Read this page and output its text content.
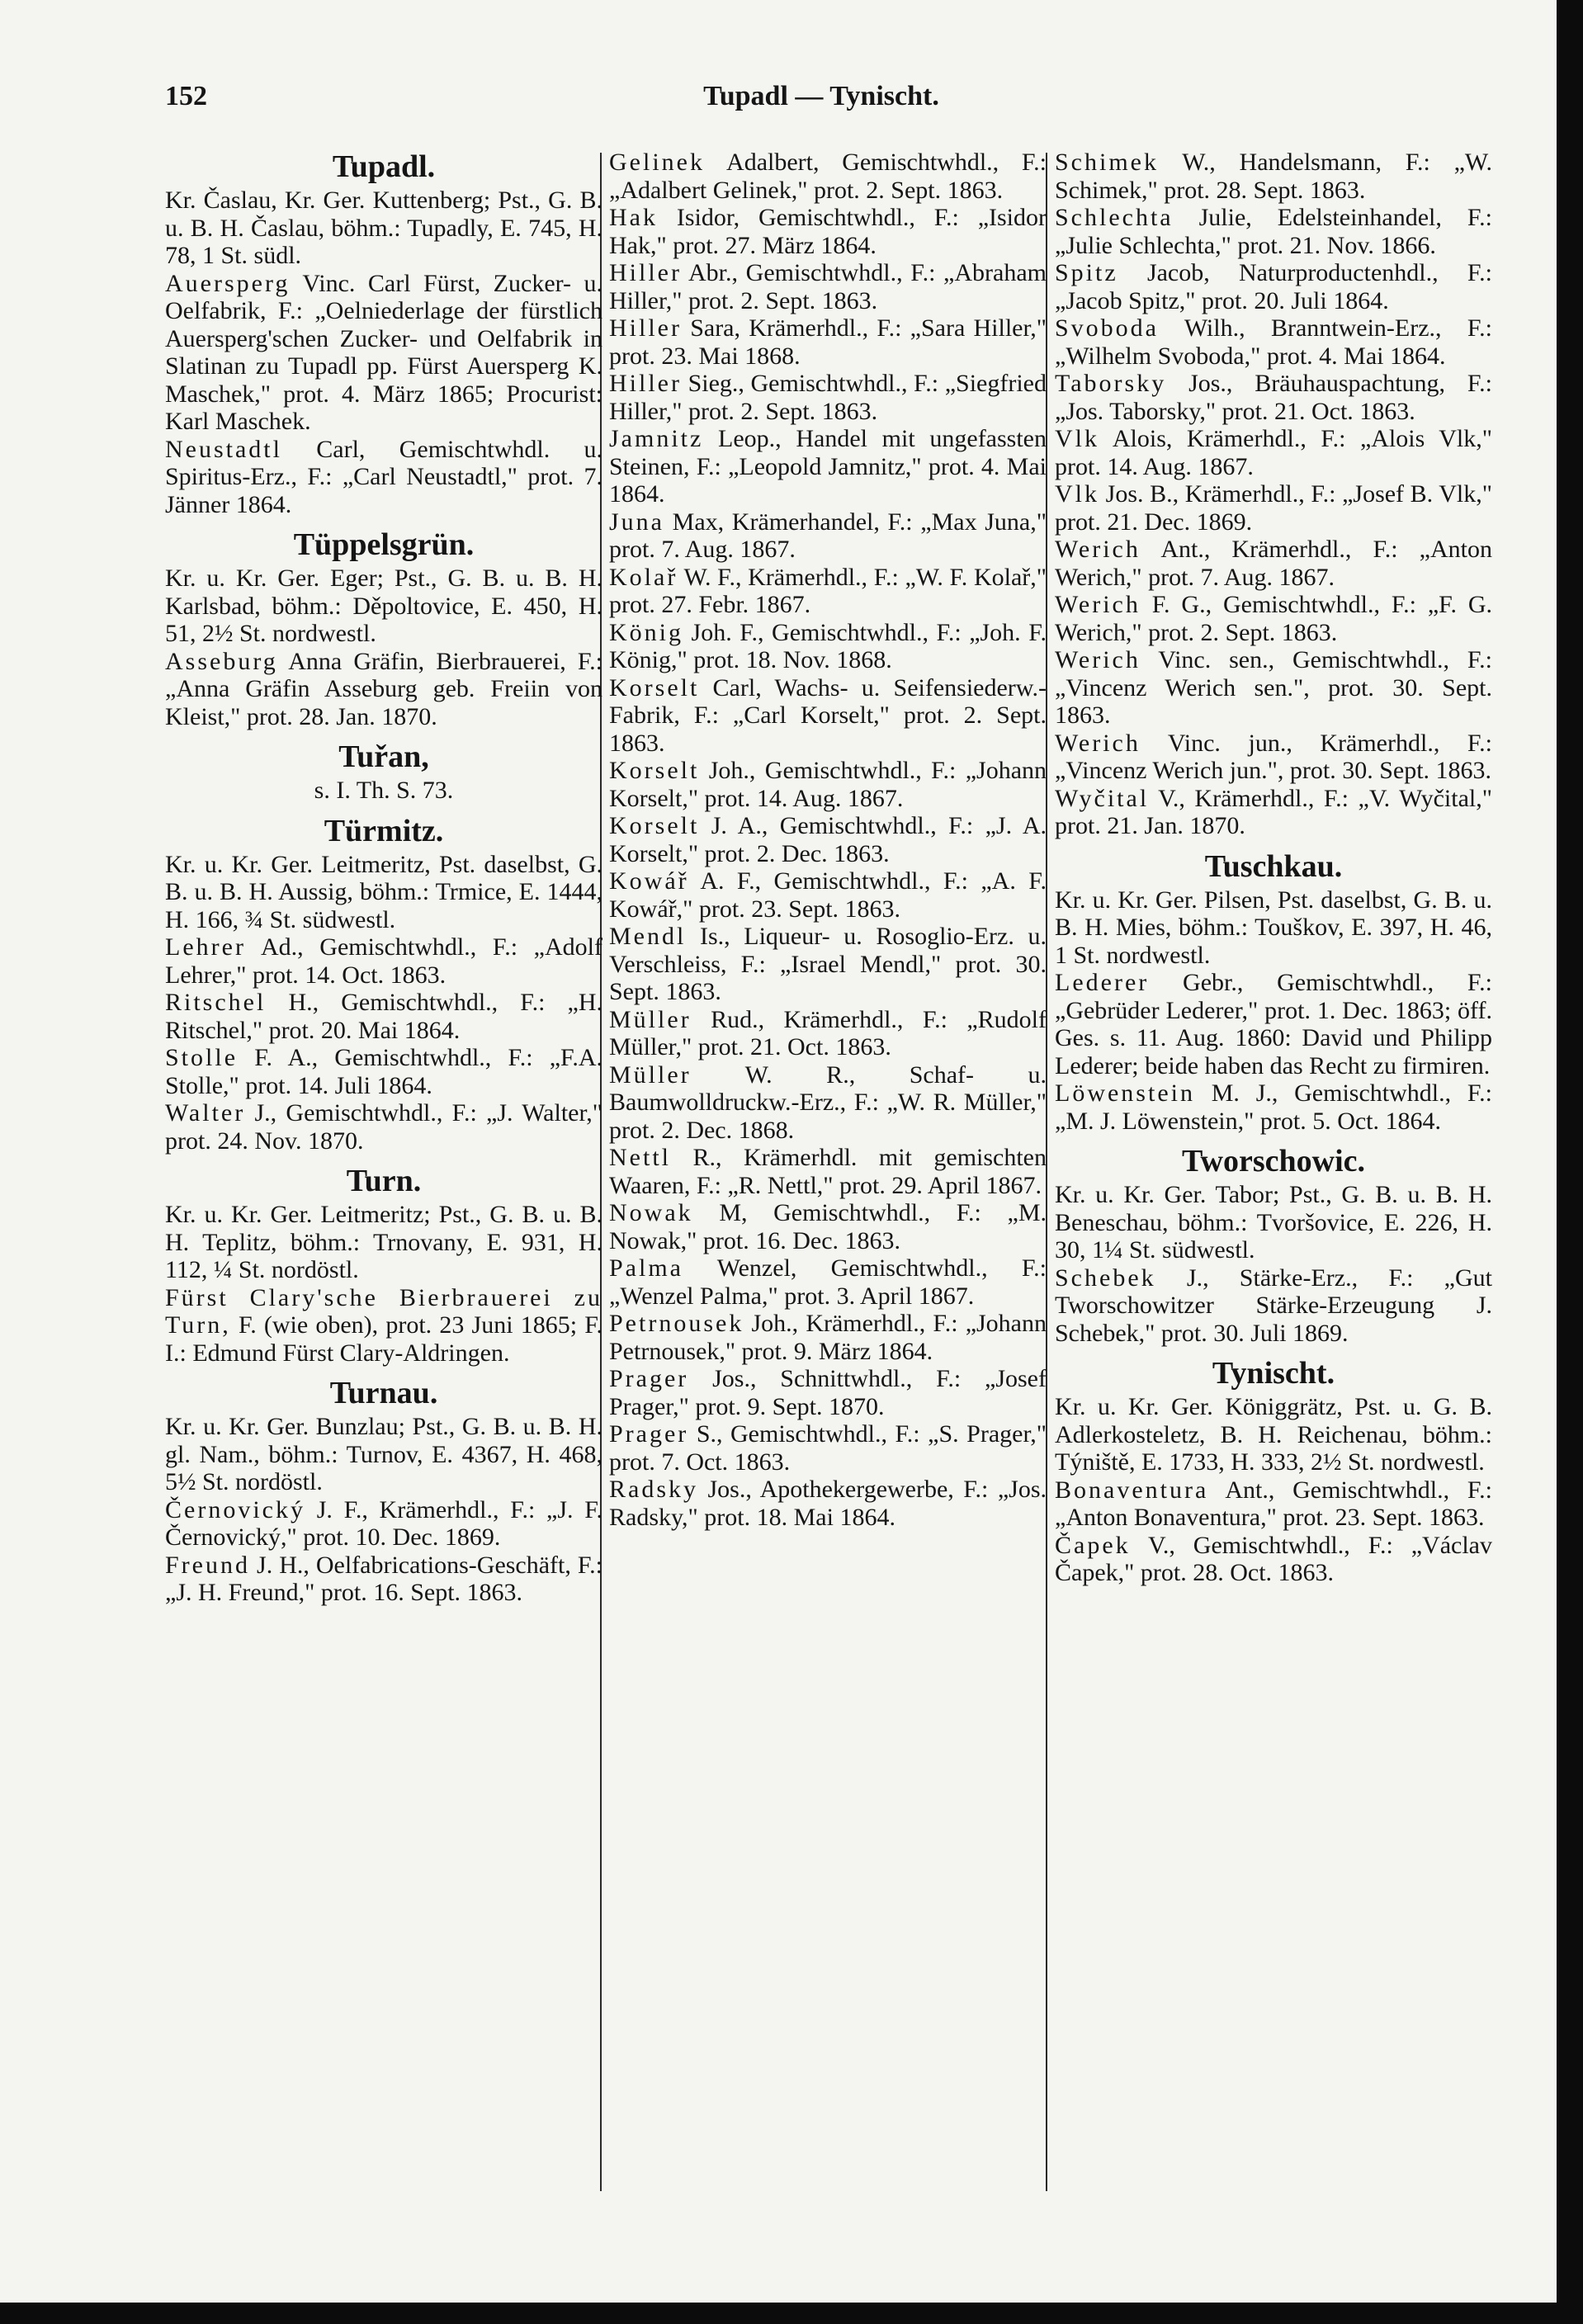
152	Tupadl — Tynischt.
Tupadl.
Kr. Časlau, Kr. Ger. Kuttenberg; Pst., G. B. u. B. H. Časlau, böhm.: Tupadly, E. 745, H. 78, 1 St. südl.
Auersperg Vinc. Carl Fürst, Zucker- u. Oelfabrik, F.: „Oelniederlage der fürstlich Auersperg'schen Zucker- und Oelfabrik in Slatinan zu Tupadl pp. Fürst Auersperg K. Maschek," prot. 4. März 1865; Procurist: Karl Maschek.
Neustadtl Carl, Gemischtwhdl. u. Spiritus-Erz., F.: „Carl Neustadtl," prot. 7. Jänner 1864.
Tüppelsgrün.
Kr. u. Kr. Ger. Eger; Pst., G. B. u. B. H. Karlsbad, böhm.: Děpoltovice, E. 450, H. 51, 2½ St. nordwestl.
Asseburg Anna Gräfin, Bierbrauerei, F.: „Anna Gräfin Asseburg geb. Freiin von Kleist," prot. 28. Jan. 1870.
Tuřan,
s. I. Th. S. 73.
Türmitz.
Kr. u. Kr. Ger. Leitmeritz, Pst. daselbst, G. B. u. B. H. Aussig, böhm.: Trmice, E. 1444, H. 166, ¾ St. südwestl.
Lehrer Ad., Gemischtwhdl., F.: „Adolf Lehrer," prot. 14. Oct. 1863.
Ritschel H., Gemischtwhdl., F.: „H. Ritschel," prot. 20. Mai 1864.
Stolle F. A., Gemischtwhdl., F.: „F.A. Stolle," prot. 14. Juli 1864.
Walter J., Gemischtwhdl., F.: „J. Walter," prot. 24. Nov. 1870.
Turn.
Kr. u. Kr. Ger. Leitmeritz; Pst., G. B. u. B. H. Teplitz, böhm.: Trnovany, E. 931, H. 112, ¼ St. nordöstl.
Fürst Clary'sche Bierbrauerei zu Turn, F. (wie oben), prot. 23 Juni 1865; F. I.: Edmund Fürst Clary-Aldringen.
Turnau.
Kr. u. Kr. Ger. Bunzlau; Pst., G. B. u. B. H. gl. Nam., böhm.: Turnov, E. 4367, H. 468, 5½ St. nordöstl.
Černovický J. F., Krämerhdl., F.: „J. F. Černovický," prot. 10. Dec. 1869.
Freund J. H., Oelfabrications-Geschäft, F.: „J. H. Freund," prot. 16. Sept. 1863.
Gelinek Adalbert, Gemischtwhdl., F.: „Adalbert Gelinek," prot. 2. Sept. 1863.
Hak Isidor, Gemischtwhdl., F.: „Isidor Hak," prot. 27. März 1864.
Hiller Abr., Gemischtwhdl., F.: „Abraham Hiller," prot. 2. Sept. 1863.
Hiller Sara, Krämerhdl., F.: „Sara Hiller," prot. 23. Mai 1868.
Hiller Sieg., Gemischtwhdl., F.: „Siegfried Hiller," prot. 2. Sept. 1863.
Jamnitz Leop., Handel mit ungefassten Steinen, F.: „Leopold Jamnitz," prot. 4. Mai 1864.
Juna Max, Krämerhandel, F.: „Max Juna," prot. 7. Aug. 1867.
Kolař W. F., Krämerhdl., F.: „W. F. Kolař," prot. 27. Febr. 1867.
König Joh. F., Gemischtwhdl., F.: „Joh. F. König," prot. 18. Nov. 1868.
Korselt Carl, Wachs- u. Seifensiederw.-Fabrik, F.: „Carl Korselt," prot. 2. Sept. 1863.
Korselt Joh., Gemischtwhdl., F.: „Johann Korselt," prot. 14. Aug. 1867.
Korselt J. A., Gemischtwhdl., F.: „J. A. Korselt," prot. 2. Dec. 1863.
Kowář A. F., Gemischtwhdl., F.: „A. F. Kowář," prot. 23. Sept. 1863.
Mendl Is., Liqueur- u. Rosoglio-Erz. u. Verschleiss, F.: „Israel Mendl," prot. 30. Sept. 1863.
Müller Rud., Krämerhdl., F.: „Rudolf Müller," prot. 21. Oct. 1863.
Müller W. R., Schaf- u. Baumwolldruckw.-Erz., F.: „W. R. Müller," prot. 2. Dec. 1868.
Nettl R., Krämerhdl. mit gemischten Waaren, F.: „R. Nettl," prot. 29. April 1867.
Nowak M, Gemischtwhdl., F.: „M. Nowak," prot. 16. Dec. 1863.
Palma Wenzel, Gemischtwhdl., F.: „Wenzel Palma," prot. 3. April 1867.
Petrnousek Joh., Krämerhdl., F.: „Johann Petrnousek," prot. 9. März 1864.
Prager Jos., Schnittwhdl., F.: „Josef Prager," prot. 9. Sept. 1870.
Prager S., Gemischtwhdl., F.: „S. Prager," prot. 7. Oct. 1863.
Radsky Jos., Apothekergewerbe, F.: „Jos. Radsky," prot. 18. Mai 1864.
Schimek W., Handelsmann, F.: „W. Schimek," prot. 28. Sept. 1863.
Schlechta Julie, Edelsteinhandel, F.: „Julie Schlechta," prot. 21. Nov. 1866.
Spitz Jacob, Naturproductenhdl., F.: „Jacob Spitz," prot. 20. Juli 1864.
Svoboda Wilh., Branntwein-Erz., F.: „Wilhelm Svoboda," prot. 4. Mai 1864.
Taborsky Jos., Bräuhauspachtung, F.: „Jos. Taborsky," prot. 21. Oct. 1863.
Vlk Alois, Krämerhdl., F.: „Alois Vlk," prot. 14. Aug. 1867.
Vlk Jos. B., Krämerhdl., F.: „Josef B. Vlk," prot. 21. Dec. 1869.
Werich Ant., Krämerhdl., F.: „Anton Werich," prot. 7. Aug. 1867.
Werich F. G., Gemischtwhdl., F.: „F. G. Werich," prot. 2. Sept. 1863.
Werich Vinc. sen., Gemischtwhdl., F.: „Vincenz Werich sen.", prot. 30. Sept. 1863.
Werich Vinc. jun., Krämerhdl., F.: „Vincenz Werich jun.", prot. 30. Sept. 1863.
Wyčital V., Krämerhdl., F.: „V. Wyčital," prot. 21. Jan. 1870.
Tuschkau.
Kr. u. Kr. Ger. Pilsen, Pst. daselbst, G. B. u. B. H. Mies, böhm.: Touškov, E. 397, H. 46, 1 St. nordwestl.
Lederer Gebr., Gemischtwhdl., F.: „Gebrüder Lederer," prot. 1. Dec. 1863; öff. Ges. s. 11. Aug. 1860: David und Philipp Lederer; beide haben das Recht zu firmiren.
Löwenstein M. J., Gemischtwhdl., F.: „M. J. Löwenstein," prot. 5. Oct. 1864.
Tworschowic.
Kr. u. Kr. Ger. Tabor; Pst., G. B. u. B. H. Beneschau, böhm.: Tvoršovice, E. 226, H. 30, 1¼ St. südwestl.
Schebek J., Stärke-Erz., F.: „Gut Tworschowitzer Stärke-Erzeugung J. Schebek," prot. 30. Juli 1869.
Tynischt.
Kr. u. Kr. Ger. Königgrätz, Pst. u. G. B. Adlerkosteletz, B. H. Reichenau, böhm.: Týniště, E. 1733, H. 333, 2½ St. nordwestl.
Bonaventura Ant., Gemischtwhdl., F.: „Anton Bonaventura," prot. 23. Sept. 1863.
Čapek V., Gemischtwhdl., F.: „Václav Čapek," prot. 28. Oct. 1863.
